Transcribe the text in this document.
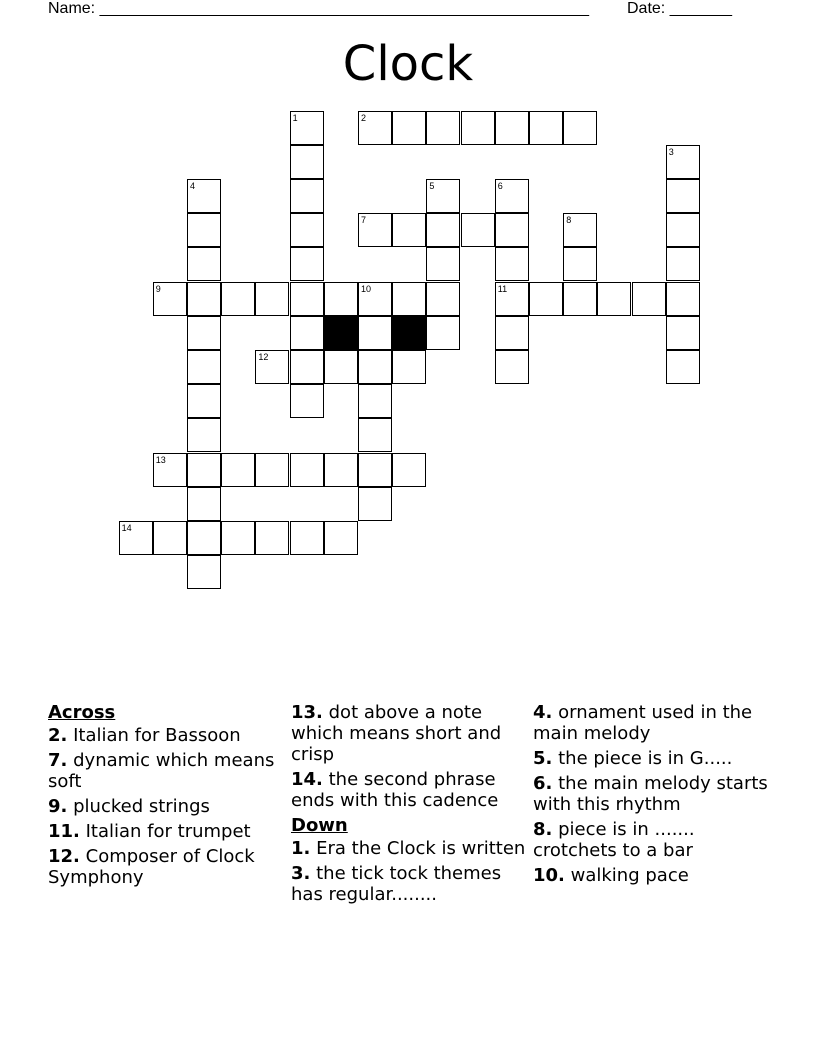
Name: _______________________________________________________ Date: _______
Clock
1	2
3
4	5	6
7	8
9	10	11
12
13
14
Across
2. Italian for Bassoon
7. dynamic which means soft
9. plucked strings
11. Italian for trumpet
12. Composer of Clock Symphony
13. dot above a note which means short and crisp
14. the second phrase ends with this cadence
Down
1. Era the Clock is written
3. the tick tock themes has regular........
4. ornament used in the main melody
5. the piece is in G.....
6. the main melody starts with this rhythm
8. piece is in ....... crotchets to a bar
10. walking pace
